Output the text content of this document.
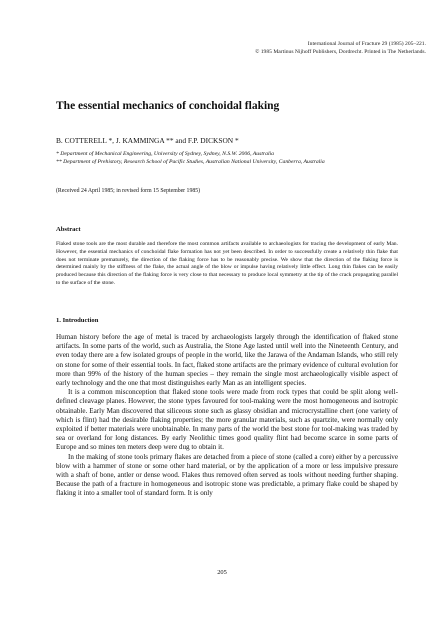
International Journal of Fracture 29 (1985) 205–221.
© 1985 Martinus Nijhoff Publishers, Dordrecht. Printed in The Netherlands.
The essential mechanics of conchoidal flaking
B. COTTERELL *, J. KAMMINGA ** and F.P. DICKSON *
* Department of Mechanical Engineering, University of Sydney, Sydney, N.S.W. 2006, Australia
** Department of Prehistory, Research School of Pacific Studies, Australian National University, Canberra, Australia
(Received 24 April 1985; in revised form 15 September 1985)
Abstract

Flaked stone tools are the most durable and therefore the most common artifacts available to archaeologists for tracing the development of early Man. However, the essential mechanics of conchoidal flake formation has not yet been described. In order to successfully create a relatively thin flake that does not terminate prematurely, the direction of the flaking force has to be reasonably precise. We show that the direction of the flaking force is determined mainly by the stiffness of the flake, the actual angle of the blow or impulse having relatively little effect. Long thin flakes can be easily produced because this direction of the flaking force is very close to that necessary to produce local symmetry at the tip of the crack propagating parallel to the surface of the stone.

1. Introduction

Human history before the age of metal is traced by archaeologists largely through the identification of flaked stone artifacts. In some parts of the world, such as Australia, the Stone Age lasted until well into the Nineteenth Century, and even today there are a few isolated groups of people in the world, like the Jarawa of the Andaman Islands, who still rely on stone for some of their essential tools. In fact, flaked stone artifacts are the primary evidence of cultural evolution for more than 99% of the history of the human species – they remain the single most archaeologically visible aspect of early technology and the one that most distinguishes early Man as an intelligent species.

It is a common misconception that flaked stone tools were made from rock types that could be split along well-defined cleavage planes. However, the stone types favoured for tool-making were the most homogeneous and isotropic obtainable. Early Man discovered that siliceous stone such as glassy obsidian and microcrystalline chert (one variety of which is flint) had the desirable flaking properties; the more granular materials, such as quartzite, were normally only exploited if better materials were unobtainable. In many parts of the world the best stone for tool-making was traded by sea or overland for long distances. By early Neolithic times good quality flint had become scarce in some parts of Europe and so mines ten meters deep were dug to obtain it.

In the making of stone tools primary flakes are detached from a piece of stone (called a core) either by a percussive blow with a hammer of stone or some other hard material, or by the application of a more or less impulsive pressure with a shaft of bone, antler or dense wood. Flakes thus removed often served as tools without needing further shaping. Because the path of a fracture in homogeneous and isotropic stone was predictable, a primary flake could be shaped by flaking it into a smaller tool of standard form. It is only

205
